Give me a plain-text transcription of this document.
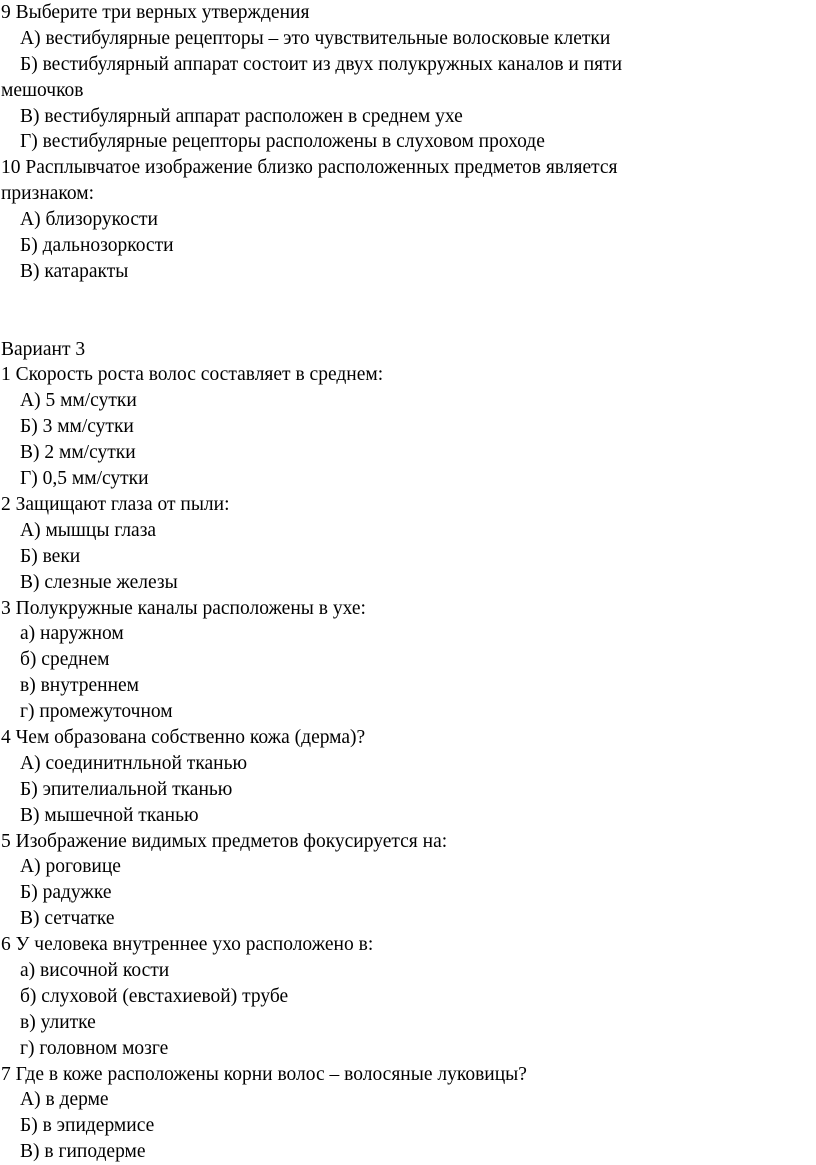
9 Выберите три верных утверждения
А) вестибулярные рецепторы – это чувствительные волосковые клетки
Б) вестибулярный аппарат состоит из двух полукружных каналов и пяти
мешочков
В) вестибулярный аппарат расположен в среднем ухе
Г) вестибулярные рецепторы расположены в слуховом проходе
10 Расплывчатое изображение близко расположенных предметов является
признаком:
А) близорукости
Б) дальнозоркости
В) катаракты
Вариант 3
1 Скорость роста волос составляет в среднем:
А) 5 мм/сутки
Б) 3 мм/сутки
В) 2 мм/сутки
Г) 0,5 мм/сутки
2 Защищают глаза от пыли:
А) мышцы глаза
Б) веки
В) слезные железы
3 Полукружные каналы расположены в ухе:
а) наружном
б) среднем
в) внутреннем
г) промежуточном
4 Чем образована собственно кожа (дерма)?
А) соединитнльной тканью
Б) эпителиальной тканью
В) мышечной тканью
5 Изображение видимых предметов фокусируется на:
А) роговице
Б) радужке
В) сетчатке
6 У человека внутреннее ухо расположено в:
а) височной кости
б) слуховой (евстахиевой) трубе
в) улитке
г) головном мозге
7 Где в коже расположены корни волос – волосяные луковицы?
А) в дерме
Б) в эпидермисе
В) в гиподерме
